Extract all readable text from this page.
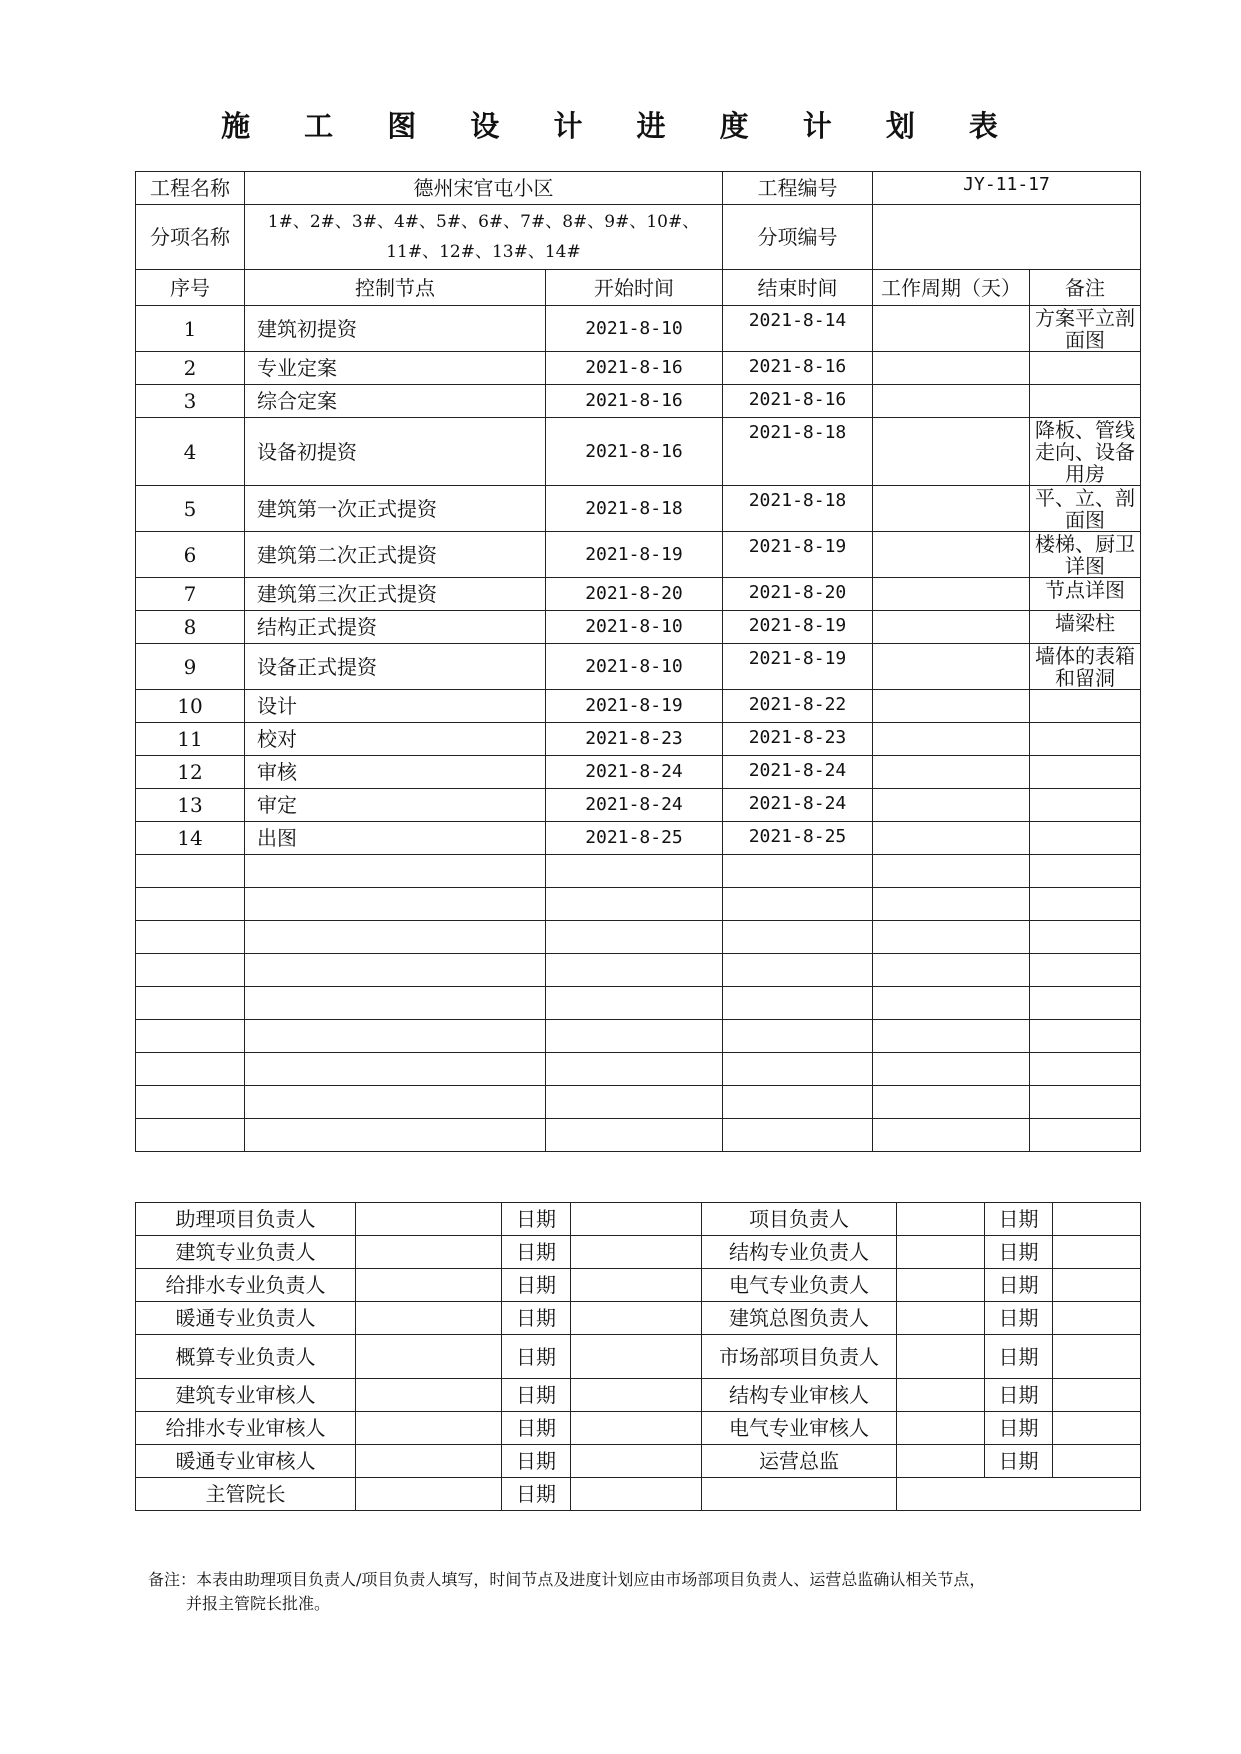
施 工 图 设 计 进 度 计 划 表
工程名称	德州宋官屯小区		工程编号	JY-11-17	
分项名称	1#、2#、3#、4#、5#、6#、7#、8#、9#、10#、11#、12#、13#、14#		分项编号		
序号	控制节点	开始时间	结束时间	工作周期（天）	备注
1	建筑初提资	2021-8-10	2021-8-14		方案平立剖面图
2	专业定案	2021-8-16	2021-8-16		
3	综合定案	2021-8-16	2021-8-16		
4	设备初提资	2021-8-16	2021-8-18		降板、管线走向、设备用房
5	建筑第一次正式提资	2021-8-18	2021-8-18		平、立、剖面图
6	建筑第二次正式提资	2021-8-19	2021-8-19		楼梯、厨卫详图
7	建筑第三次正式提资	2021-8-20	2021-8-20		节点详图
8	结构正式提资	2021-8-10	2021-8-19		墙梁柱
9	设备正式提资	2021-8-10	2021-8-19		墙体的表箱和留洞
10	设计	2021-8-19	2021-8-22		
11	校对	2021-8-23	2021-8-23		
12	审核	2021-8-24	2021-8-24		
13	审定	2021-8-24	2021-8-24		
14	出图	2021-8-25	2021-8-25		

助理项目负责人		日期		项目负责人		日期	
建筑专业负责人		日期		结构专业负责人		日期	
给排水专业负责人		日期		电气专业负责人		日期	
暖通专业负责人		日期		建筑总图负责人		日期	
概算专业负责人		日期		市场部项目负责人		日期	
建筑专业审核人		日期		结构专业审核人		日期	
给排水专业审核人		日期		电气专业审核人		日期	
暖通专业审核人		日期		运营总监		日期	
主管院长		日期					
备注：本表由助理项目负责人/项目负责人填写，时间节点及进度计划应由市场部项目负责人、运营总监确认相关节点，
并报主管院长批准。
